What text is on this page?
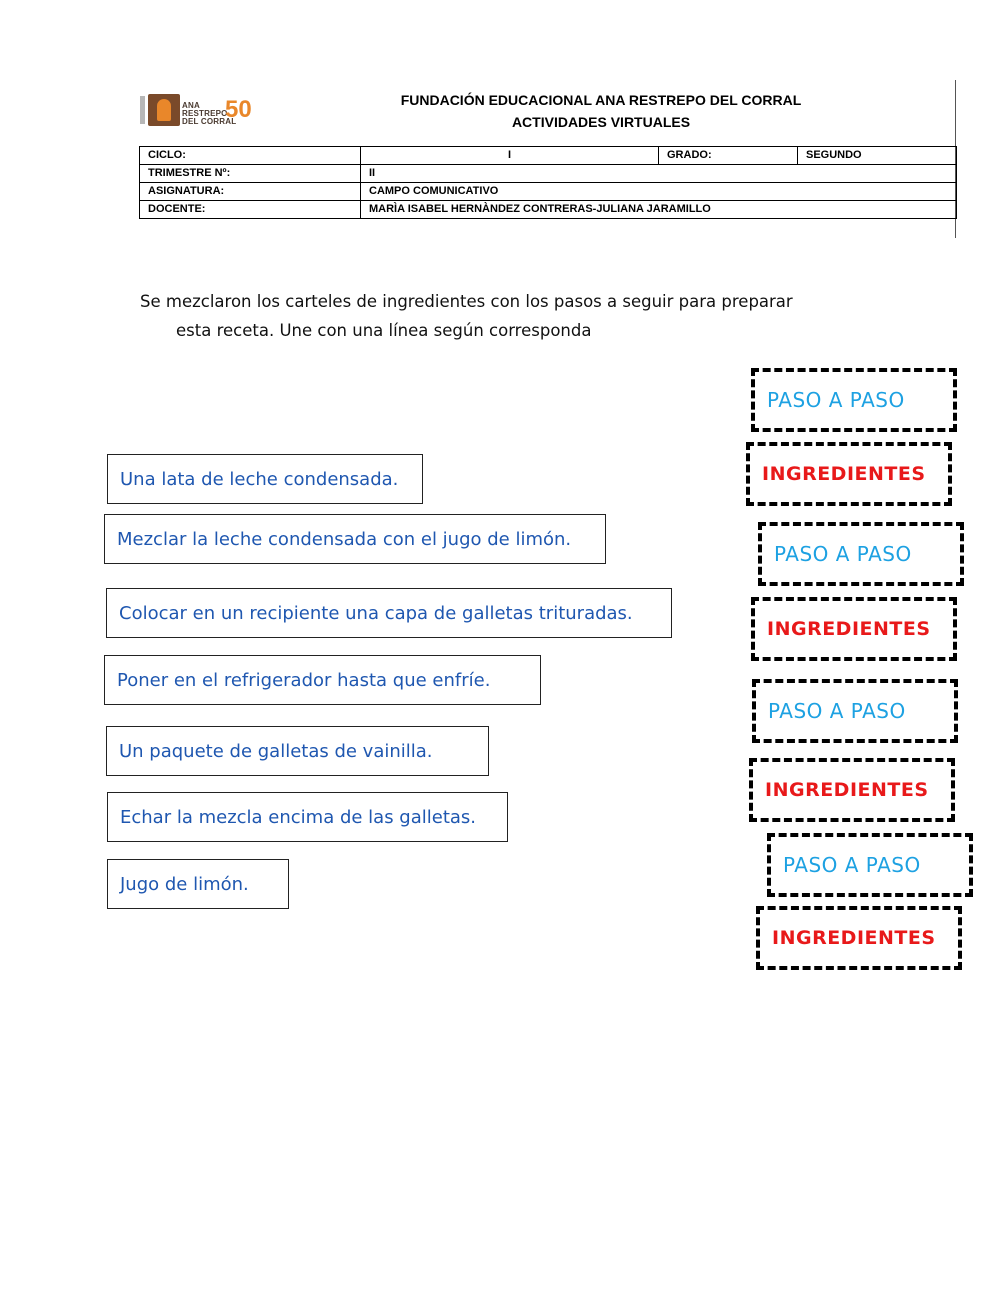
ANA
RESTREPO
DEL CORRAL
50	FUNDACIÓN EDUCACIONAL ANA RESTREPO DEL CORRAL
ACTIVIDADES VIRTUALES
CICLO:	I	GRADO:	SEGUNDO
TRIMESTRE Nº:	II		
ASIGNATURA:	CAMPO COMUNICATIVO		
DOCENTE:	MARÌA ISABEL HERNÀNDEZ CONTRERAS-JULIANA JARAMILLO		
Se mezclaron los carteles de ingredientes con los pasos a seguir para preparar
esta receta. Une con una línea según corresponda
Una lata de leche condensada.
Mezclar la leche condensada con el jugo de limón.
Colocar en un recipiente una capa de galletas trituradas.
Poner en el refrigerador hasta que enfríe.
Un paquete de galletas de vainilla.
Echar la mezcla encima de las galletas.
Jugo de limón.
PASO A PASO
INGREDIENTES
PASO A PASO
INGREDIENTES
PASO A PASO
INGREDIENTES
PASO A PASO
INGREDIENTES
